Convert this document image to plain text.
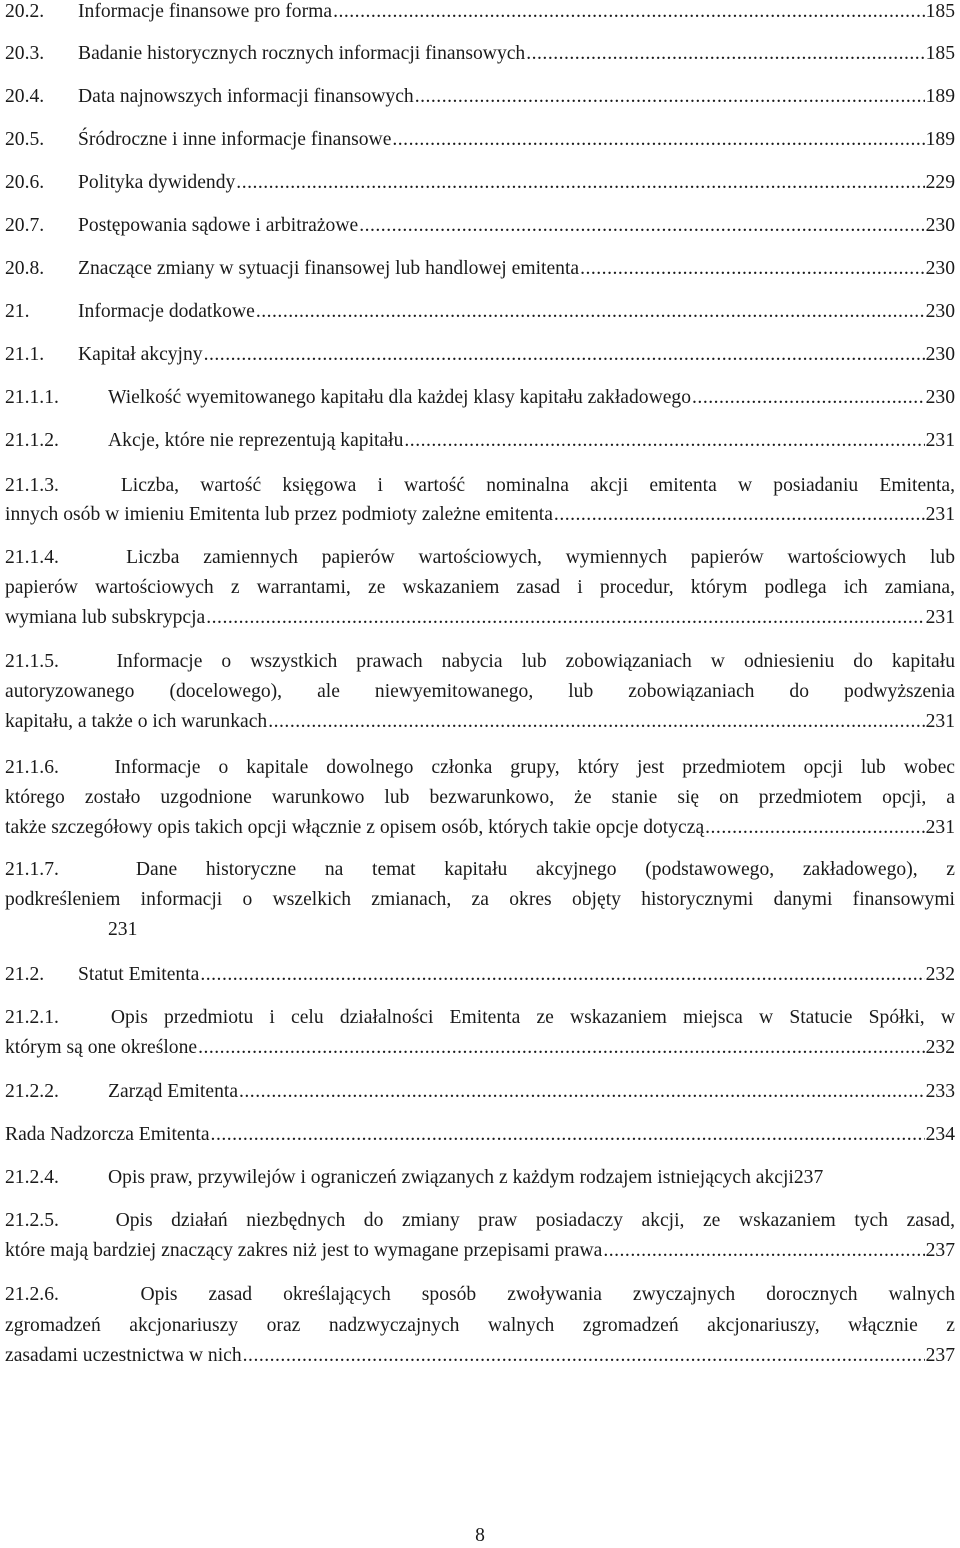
20.2.	Informacje finansowe pro forma . . .	185
20.3.	Badanie historycznych rocznych informacji finansowych . . .	185
20.4.	Data najnowszych informacji finansowych . . .	189
20.5.	Śródroczne i inne informacje finansowe . . .	189
20.6.	Polityka dywidendy . . .	229
20.7.	Postępowania sądowe i arbitrażowe . . .	230
20.8.	Znaczące zmiany w sytuacji finansowej lub handlowej emitenta . . .	230
21.	Informacje dodatkowe . . .	230
21.1.	Kapitał akcyjny . . .	230
21.1.1.	Wielkość wyemitowanego kapitału dla każdej klasy kapitału zakładowego . . .	230
21.1.2.	Akcje, które nie reprezentują kapitału . . .	231
21.1.3. 	Liczba, wartość księgowa i wartość nominalna akcji emitenta w posiadaniu Emitenta,
innych osób w imieniu Emitenta lub przez podmioty zależne emitenta . . .	231
21.1.4. 	Liczba zamiennych papierów wartościowych, wymiennych papierów wartościowych lub
papierów wartościowych z warrantami, ze wskazaniem zasad i procedur, którym podlega ich zamiana,
wymiana lub subskrypcja . . .	231
21.1.5. 	Informacje o wszystkich prawach nabycia lub zobowiązaniach w odniesieniu do kapitału
autoryzowanego (docelowego), ale niewyemitowanego, lub zobowiązaniach do podwyższenia
kapitału, a także o ich warunkach . . .	231
21.1.6. 	Informacje o kapitale dowolnego członka grupy, który jest przedmiotem opcji lub wobec
którego zostało uzgodnione warunkowo lub bezwarunkowo, że stanie się on przedmiotem opcji, a
także szczegółowy opis takich opcji włącznie z opisem osób, których takie opcje dotyczą . . .	231
21.1.7. 	Dane historyczne na temat kapitału akcyjnego (podstawowego, zakładowego), z
podkreśleniem informacji o wszelkich zmianach, za okres objęty historycznymi danymi finansowymi
231
21.2.	Statut Emitenta . . .	232
21.2.1. 	Opis przedmiotu i celu działalności Emitenta ze wskazaniem miejsca w Statucie Spółki, w
którym są one określone . . .	232
21.2.2.	Zarząd Emitenta . . .	233
Rada Nadzorcza Emitenta . . .	234
21.2.4.	Opis praw, przywilejów i ograniczeń związanych z każdym rodzajem istniejących akcji 237
21.2.5. 	Opis działań niezbędnych do zmiany praw posiadaczy akcji, ze wskazaniem tych zasad,
które mają bardziej znaczący zakres niż jest to wymagane przepisami prawa . . .	237
21.2.6. 	Opis zasad określających sposób zwoływania zwyczajnych dorocznych walnych
zgromadzeń akcjonariuszy oraz nadzwyczajnych walnych zgromadzeń akcjonariuszy, włącznie z
zasadami uczestnictwa w nich . . .	237
8
